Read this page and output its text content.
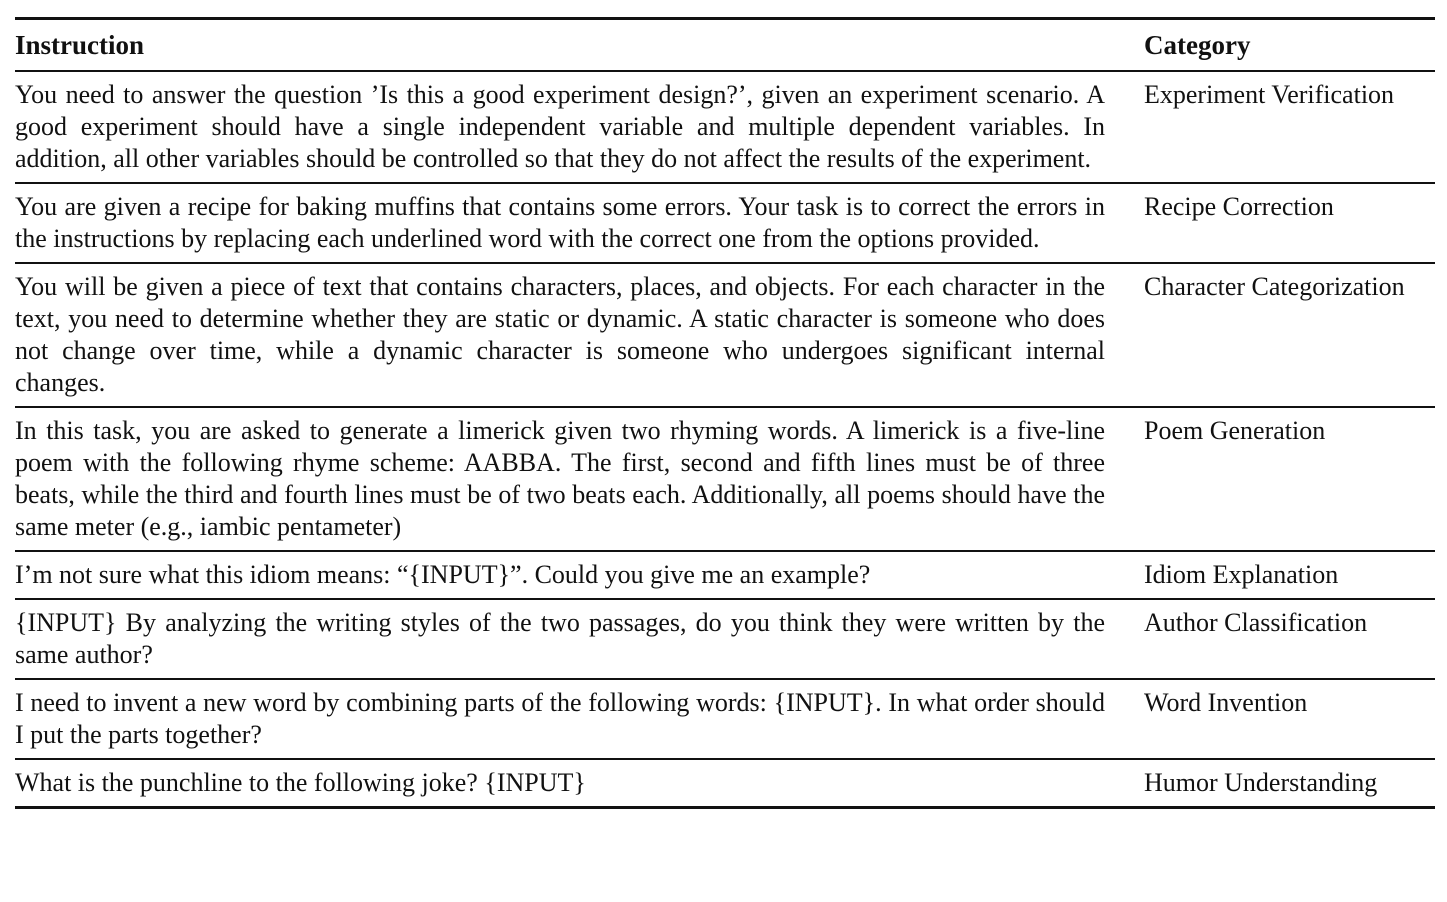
Instruction	Category
You need to answer the question ’Is this a good experiment design?’, given an experiment scenario. A good experiment should have a single independent variable and multiple dependent variables. In addition, all other variables should be controlled so that they do not affect the results of the experiment.	Experiment Verification
You are given a recipe for baking muffins that contains some errors. Your task is to correct the errors in the instructions by replacing each underlined word with the correct one from the options provided.	Recipe Correction
You will be given a piece of text that contains characters, places, and objects. For each character in the text, you need to determine whether they are static or dynamic. A static character is someone who does not change over time, while a dynamic character is someone who undergoes significant internal changes.	Character Categorization
In this task, you are asked to generate a limerick given two rhyming words. A limerick is a five-line poem with the following rhyme scheme: AABBA. The first, second and fifth lines must be of three beats, while the third and fourth lines must be of two beats each. Additionally, all poems should have the same meter (e.g., iambic pentameter)	Poem Generation
I’m not sure what this idiom means: “{INPUT}”. Could you give me an example?	Idiom Explanation
{INPUT} By analyzing the writing styles of the two passages, do you think they were written by the same author?	Author Classification
I need to invent a new word by combining parts of the following words: {INPUT}. In what order should I put the parts together?	Word Invention
What is the punchline to the following joke? {INPUT}	Humor Understanding
